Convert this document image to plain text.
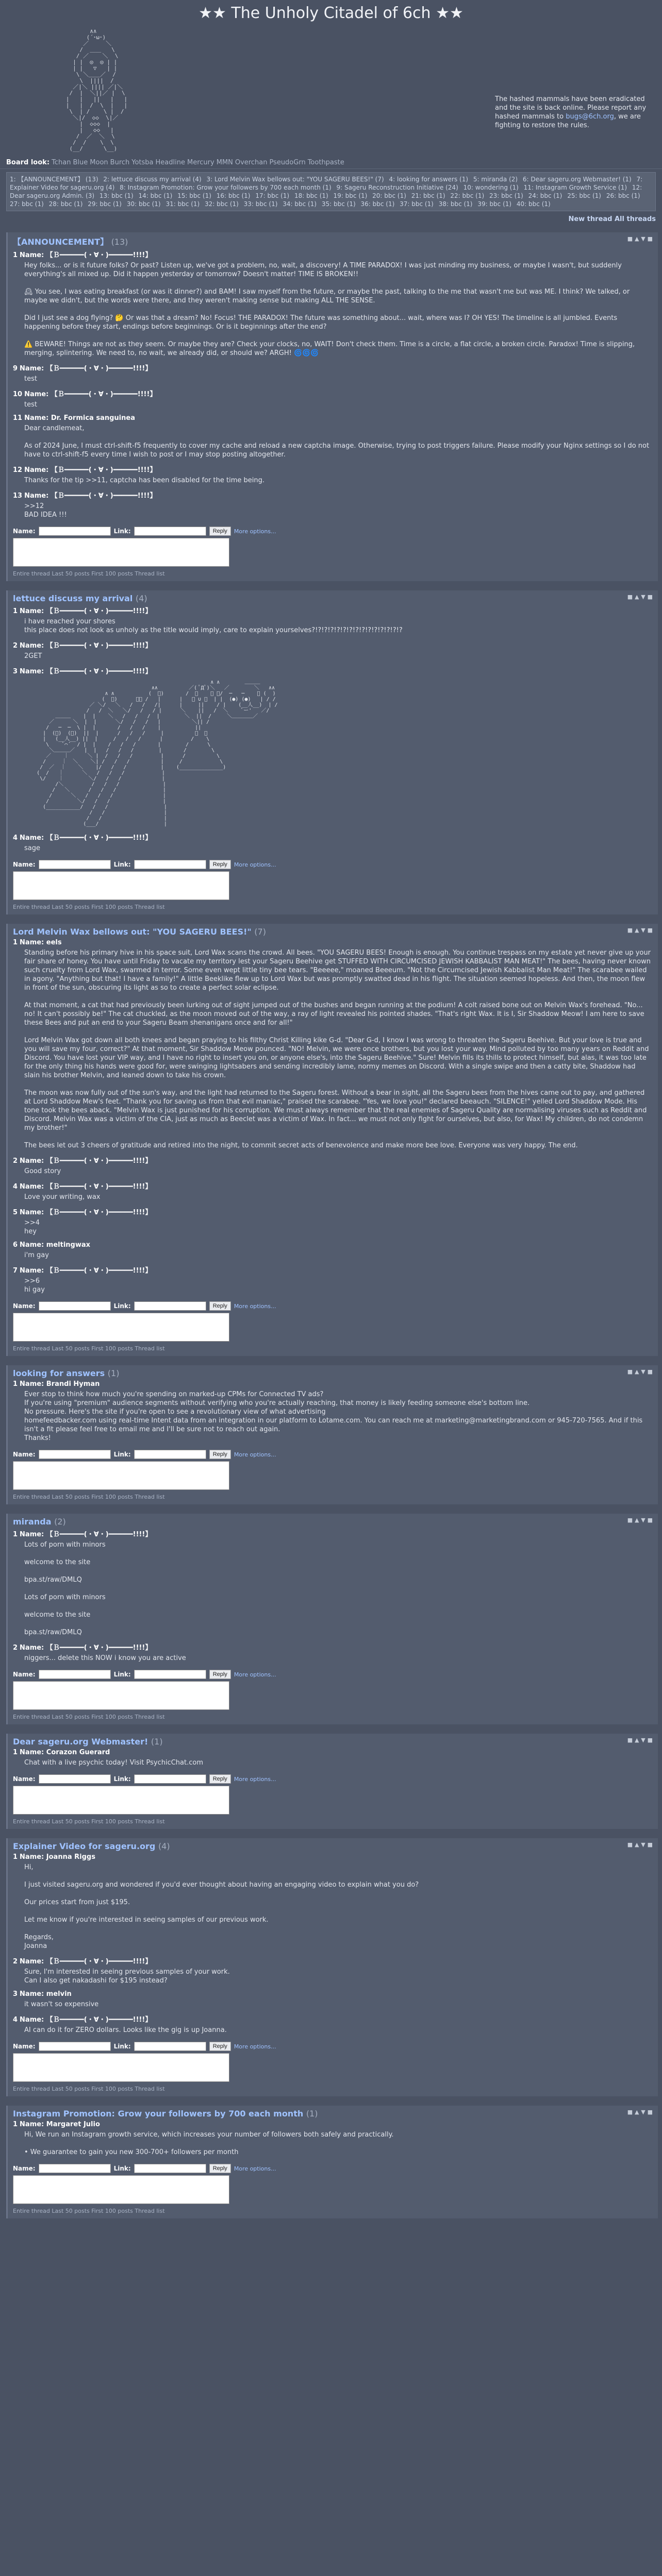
★★ The Unholy Citadel of 6ch ★★
∧∧
(´･ω･)
／     ＼
/  ＿＿   \
/ ／    ＼  \
| |  ◎  ◎ | |
| |   ▽   | |
\ ＼＿＿／  /
\  ||||  /
／|＼ |||| ／|＼
/  |  ＼||／ |  \
|   |   ||   |   |
|   |  /  \  |   |
\  | /    \ |  /
＼|/  ◇◇  \|／
|  ◇◇◇  |
|   ◇◇   |
/  ／  ＼  \
/  /    \  \
(__/      \__)
The hashed mammals have been eradicated and the site is back online. Please report any hashed mammals to bugs@6ch.org, we are fighting to restore the rules.
Board look: Tchan Blue Moon Burch Yotsba Headline Mercury MMN Overchan PseudoGrn Toothpaste
1: 【ANNOUNCEMENT】 (13) 2: lettuce discuss my arrival (4) 3: Lord Melvin Wax bellows out: "YOU SAGERU BEES!" (7) 4: looking for answers (1) 5: miranda (2) 6: Dear sageru.org Webmaster! (1) 7: Explainer Video for sageru.org (4) 8: Instagram Promotion: Grow your followers by 700 each month (1) 9: Sageru Reconstruction Initiative (24) 10: wondering (1) 11: Instagram Growth Service (1) 12: Dear sageru.org Admin. (3) 13: bbc (1) 14: bbc (1) 15: bbc (1) 16: bbc (1) 17: bbc (1) 18: bbc (1) 19: bbc (1) 20: bbc (1) 21: bbc (1) 22: bbc (1) 23: bbc (1) 24: bbc (1) 25: bbc (1) 26: bbc (1) 27: bbc (1) 28: bbc (1) 29: bbc (1) 30: bbc (1) 31: bbc (1) 32: bbc (1) 33: bbc (1) 34: bbc (1) 35: bbc (1) 36: bbc (1) 37: bbc (1) 38: bbc (1) 39: bbc (1) 40: bbc (1)
New thread All threads
【ANNOUNCEMENT】 (13)	■ ▲ ▼ ■
1 Name: 【Ｂ━━━━━━(・∀・)━━━━━━!!!!】
Hey folks... or is it future folks? Or past? Listen up, we've got a problem, no, wait, a discovery! A TIME PARADOX! I was just minding my business, or maybe I wasn't, but suddenly everything's all mixed up. Did it happen yesterday or tomorrow? Doesn't matter! TIME IS BROKEN!!

🕰 You see, I was eating breakfast (or was it dinner?) and BAM! I saw myself from the future, or maybe the past, talking to the me that wasn't me but was ME. I think? We talked, or maybe we didn't, but the words were there, and they weren't making sense but making ALL THE SENSE.

Did I just see a dog flying? 🤔 Or was that a dream? No! Focus! THE PARADOX! The future was something about... wait, where was I? OH YES! The timeline is all jumbled. Events happening before they start, endings before beginnings. Or is it beginnings after the end?

⚠️ BEWARE! Things are not as they seem. Or maybe they are? Check your clocks, no, WAIT! Don't check them. Time is a circle, a flat circle, a broken circle. Paradox! Time is slipping, merging, splintering. We need to, no wait, we already did, or should we? ARGH! 🌀🌀🌀
9 Name: 【Ｂ━━━━━━(・∀・)━━━━━━!!!!】
test
10 Name: 【Ｂ━━━━━━(・∀・)━━━━━━!!!!】
test
11 Name: Dr. Formica sanguinea
Dear candlemeat,

As of 2024 June, I must ctrl-shift-f5 frequently to cover my cache and reload a new captcha image. Otherwise, trying to post triggers failure. Please modify your Nginx settings so I do not have to ctrl-shift-f5 every time I wish to post or I may stop posting altogether.
12 Name: 【Ｂ━━━━━━(・∀・)━━━━━━!!!!】
Thanks for the tip >>11, captcha has been disabled for the time being.
13 Name: 【Ｂ━━━━━━(・∀・)━━━━━━!!!!】
>>12
BAD IDEA !!!
Name:	Link:	Reply	More options...
Entire thread Last 50 posts First 100 posts Thread list
lettuce discuss my arrival (4)	■ ▲ ▼ ■
1 Name: 【Ｂ━━━━━━(・∀・)━━━━━━!!!!】
i have reached your shores
this place does not look as unholy as the title would imply, care to explain yourselves?!?!?!?!?!?!?!?!?!?!?!?!?!?!?
2 Name: 【Ｂ━━━━━━(・∀・)━━━━━━!!!!】
2GET
3 Name: 【Ｂ━━━━━━(・∀・)━━━━━━!!!!】
∧ ∧        ＿＿＿
∧∧          ／( ﾟДﾟ)＼   ／        ＼   ∧∧
∧ ∧           (  ﾟ)       /  ｜    ｜ ＼/  ─   ─    ＼ (  )
(  ﾟ)      ／＼ /   |      |   ＼ ∪ ／  | |  (●) (●)   | / /
／ ＼/   ＼   /   /   /|      |     ||    / |    (__人__)  | /
/   /  ＼   ＼/   /   / |      ＼    ||   /  ＼    `ー'   ／/
＿＿＿    |  |    ＼   /   /   /  |        ＼  ||  /     ＼＿＿＿＿／
／      ＼  |  |      ＼/   /   /   |          ＼|| /
/   ─  ─  \ |  |       /   /   /    |           ||
|  (ﾟ)  (ﾟ)  ||  |      /   /   /     |          ／  ＼
|   (__人__) ||  |     /   /   /      |         /    \
\    `⌒´  / |  |    /   /   /       |        /      \
＼＿＿＿／   |  |   /   /   /        |       /        \
／    ｜      ＼ |  /   /   /         |      /          \
/     ｜  ＼    ＼| /   /   /          |     /            \
/  ／  ｜    ＼    |/   /   /           |    (______________)
(  /   ｜      ＼   /   /   /            |
\/    ｜        ＼/   /   /             |
/＼         /   /   /              |
/   ＼      /   /   /               |
/      ＼   /   /   /                |
/         ＼/   /   /                 |
(___________/   /   /                  |
/   /                   |
/   /                    |
(___/                     |
4 Name: 【Ｂ━━━━━━(・∀・)━━━━━━!!!!】
sage
Name:	Link:	Reply	More options...
Entire thread Last 50 posts First 100 posts Thread list
Lord Melvin Wax bellows out: "YOU SAGERU BEES!" (7)	■ ▲ ▼ ■
1 Name: eels
Standing before his primary hive in his space suit, Lord Wax scans the crowd. All bees. "YOU SAGERU BEES! Enough is enough. You continue trespass on my estate yet never give up your fair share of honey. You have until Friday to vacate my territory lest your Sageru Beehive get STUFFED WITH CIRCUMCISED JEWISH KABBALIST MAN MEAT!" The bees, having never known such cruelty from Lord Wax, swarmed in terror. Some even wept little tiny bee tears. "Beeeee," moaned Beeeum. "Not the Circumcised Jewish Kabbalist Man Meat!" The scarabee wailed in agony. "Anything but that! I have a family!" A little Beeklike flew up to Lord Wax but was promptly swatted dead in his flight. The situation seemed hopeless. And then, the moon flew in front of the sun, obscuring its light as so to create a perfect solar eclipse.

At that moment, a cat that had previously been lurking out of sight jumped out of the bushes and began running at the podium! A colt raised bone out on Melvin Wax's forehead. "No... no! It can't possibly be!" The cat chuckled, as the moon moved out of the way, a ray of light revealed his pointed shades. "That's right Wax. It is I, Sir Shaddow Meow! I am here to save these Bees and put an end to your Sageru Beam shenanigans once and for all!"

Lord Melvin Wax got down all both knees and began praying to his filthy Christ Killing kike G-d. "Dear G-d, I know I was wrong to threaten the Sageru Beehive. But your love is true and you will save my four, correct?" At that moment, Sir Shaddow Meow pounced. "NO! Melvin, we were once brothers, but you lost your way. Mind polluted by too many years on Reddit and Discord. You have lost your VIP way, and I have no right to insert you on, or anyone else's, into the Sageru Beehive." Sure! Melvin fills its thills to protect himself, but alas, it was too late for the only thing his hands were good for, were swinging lightsabers and sending incredibly lame, normy memes on Discord. With a single swipe and then a catty bite, Shaddow had slain his brother Melvin, and leaned down to take his crown.

The moon was now fully out of the sun's way, and the light had returned to the Sageru forest. Without a bear in sight, all the Sageru bees from the hives came out to pay, and gathered at Lord Shaddow Mew's feet. "Thank you for saving us from that evil maniac," praised the scarabee. "Yes, we love you!" declared beeauch. "SILENCE!" yelled Lord Shaddow Mode. His tone took the bees aback. "Melvin Wax is just punished for his corruption. We must always remember that the real enemies of Sageru Quality are normalising viruses such as Reddit and Discord. Melvin Wax was a victim of the CIA, just as much as Beeclet was a victim of Wax. In fact... we must not only fight for ourselves, but also, for Wax! My children, do not condemn my brother!"

The bees let out 3 cheers of gratitude and retired into the night, to commit secret acts of benevolence and make more bee love. Everyone was very happy. The end.
2 Name: 【Ｂ━━━━━━(・∀・)━━━━━━!!!!】
Good story
4 Name: 【Ｂ━━━━━━(・∀・)━━━━━━!!!!】
Love your writing, wax
5 Name: 【Ｂ━━━━━━(・∀・)━━━━━━!!!!】
>>4
hey
6 Name: meltingwax
i'm gay
7 Name: 【Ｂ━━━━━━(・∀・)━━━━━━!!!!】
>>6
hi gay
Name:	Link:	Reply	More options...
Entire thread Last 50 posts First 100 posts Thread list
looking for answers (1)	■ ▲ ▼ ■
1 Name: Brandi Hyman
Ever stop to think how much you're spending on marked-up CPMs for Connected TV ads?
If you're using "premium" audience segments without verifying who you're actually reaching, that money is likely feeding someone else's bottom line.
No pressure. Here's the site if you're open to see a revolutionary view of what advertising
homefeedbacker.com using real-time Intent data from an integration in our platform to Lotame.com. You can reach me at marketing@marketingbrand.com or 945-720-7565. And if this isn't a fit please feel free to email me and I'll be sure not to reach out again.
Thanks!
Name:	Link:	Reply	More options...
Entire thread Last 50 posts First 100 posts Thread list
miranda (2)	■ ▲ ▼ ■
1 Name: 【Ｂ━━━━━━(・∀・)━━━━━━!!!!】
Lots of porn with minors

welcome to the site

bpa.st/raw/DMLQ

Lots of porn with minors

welcome to the site

bpa.st/raw/DMLQ
2 Name: 【Ｂ━━━━━━(・∀・)━━━━━━!!!!】
niggers... delete this NOW i know you are active
Name:	Link:	Reply	More options...
Entire thread Last 50 posts First 100 posts Thread list
Dear sageru.org Webmaster! (1)	■ ▲ ▼ ■
1 Name: Corazon Guerard
Chat with a live psychic today! Visit PsychicChat.com
Name:	Link:	Reply	More options...
Entire thread Last 50 posts First 100 posts Thread list
Explainer Video for sageru.org (4)	■ ▲ ▼ ■
1 Name: Joanna Riggs
Hi,

I just visited sageru.org and wondered if you'd ever thought about having an engaging video to explain what you do?

Our prices start from just $195.

Let me know if you're interested in seeing samples of our previous work.

Regards,
Joanna
2 Name: 【Ｂ━━━━━━(・∀・)━━━━━━!!!!】
Sure, I'm interested in seeing previous samples of your work.
Can I also get nakadashi for $195 instead?
3 Name: melvin
it wasn't so expensive
4 Name: 【Ｂ━━━━━━(・∀・)━━━━━━!!!!】
AI can do it for ZERO dollars. Looks like the gig is up Joanna.
Name:	Link:	Reply	More options...
Entire thread Last 50 posts First 100 posts Thread list
Instagram Promotion: Grow your followers by 700 each month (1)	■ ▲ ▼ ■
1 Name: Margaret Julio
Hi, We run an Instagram growth service, which increases your number of followers both safely and practically.

• We guarantee to gain you new 300-700+ followers per month
Name:	Link:	Reply	More options...
Entire thread Last 50 posts First 100 posts Thread list
